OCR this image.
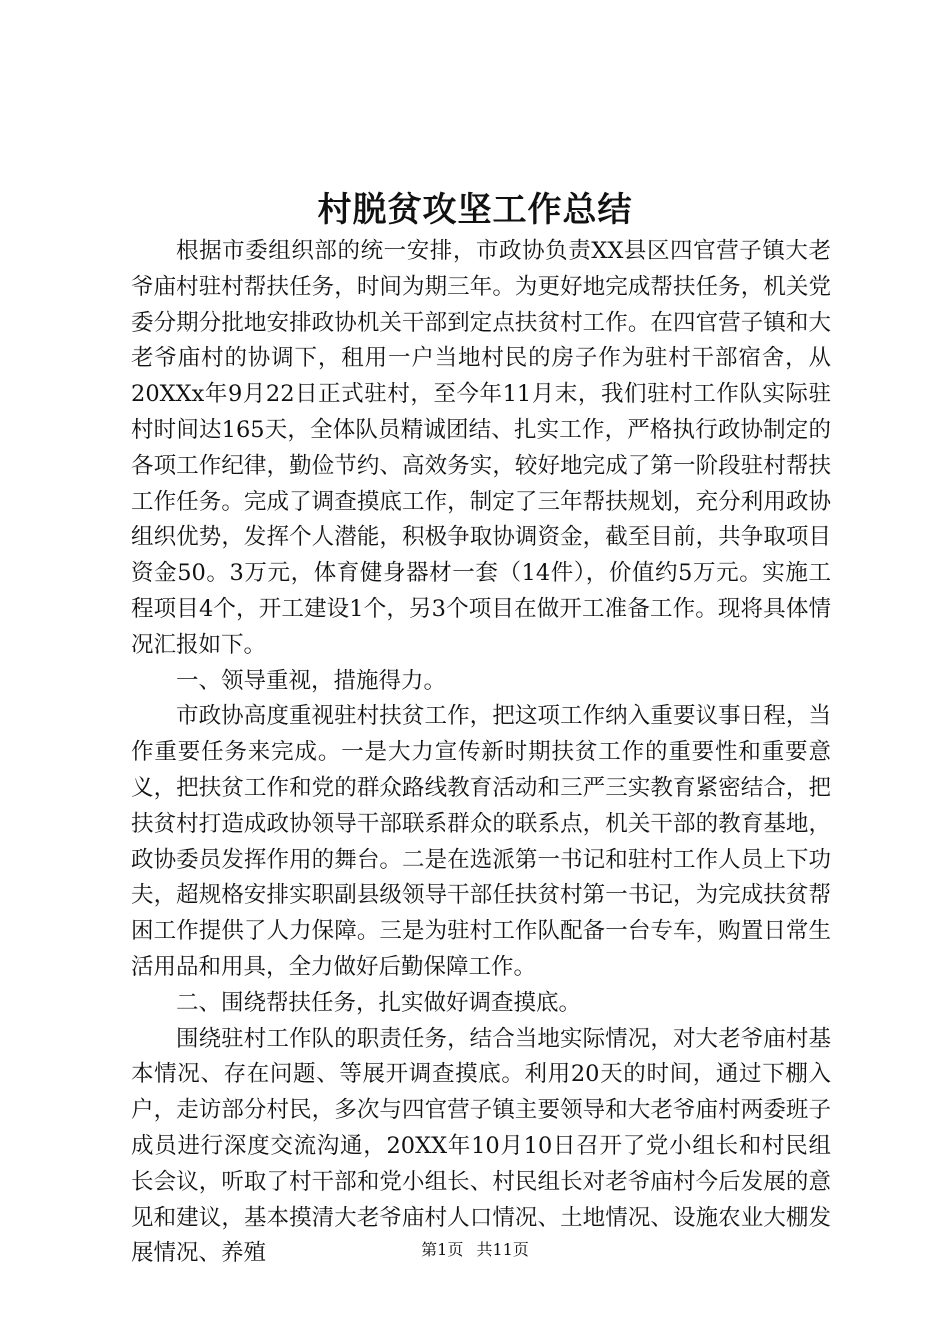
村脱贫攻坚工作总结

根据市委组织部的统一安排，市政协负责XX县区四官营子镇大老爷庙村驻村帮扶任务，时间为期三年。为更好地完成帮扶任务，机关党委分期分批地安排政协机关干部到定点扶贫村工作。在四官营子镇和大老爷庙村的协调下，租用一户当地村民的房子作为驻村干部宿舍，从20XXx年9月22日正式驻村，至今年11月末，我们驻村工作队实际驻村时间达165天，全体队员精诚团结、扎实工作，严格执行政协制定的各项工作纪律，勤俭节约、高效务实，较好地完成了第一阶段驻村帮扶工作任务。完成了调查摸底工作，制定了三年帮扶规划，充分利用政协组织优势，发挥个人潜能，积极争取协调资金，截至目前，共争取项目资金50。3万元，体育健身器材一套（14件），价值约5万元。实施工程项目4个，开工建设1个，另3个项目在做开工准备工作。现将具体情况汇报如下。

一、领导重视，措施得力。

市政协高度重视驻村扶贫工作，把这项工作纳入重要议事日程，当作重要任务来完成。一是大力宣传新时期扶贫工作的重要性和重要意义，把扶贫工作和党的群众路线教育活动和三严三实教育紧密结合，把扶贫村打造成政协领导干部联系群众的联系点，机关干部的教育基地，政协委员发挥作用的舞台。二是在选派第一书记和驻村工作人员上下功夫，超规格安排实职副县级领导干部任扶贫村第一书记，为完成扶贫帮困工作提供了人力保障。三是为驻村工作队配备一台专车，购置日常生活用品和用具，全力做好后勤保障工作。

二、围绕帮扶任务，扎实做好调查摸底。

围绕驻村工作队的职责任务，结合当地实际情况，对大老爷庙村基本情况、存在问题、等展开调查摸底。利用20天的时间，通过下棚入户，走访部分村民，多次与四官营子镇主要领导和大老爷庙村两委班子成员进行深度交流沟通，20XX年10月10日召开了党小组长和村民组长会议，听取了村干部和党小组长、村民组长对老爷庙村今后发展的意见和建议，基本摸清大老爷庙村人口情况、土地情况、设施农业大棚发展情况、养殖	第1页 共11页
